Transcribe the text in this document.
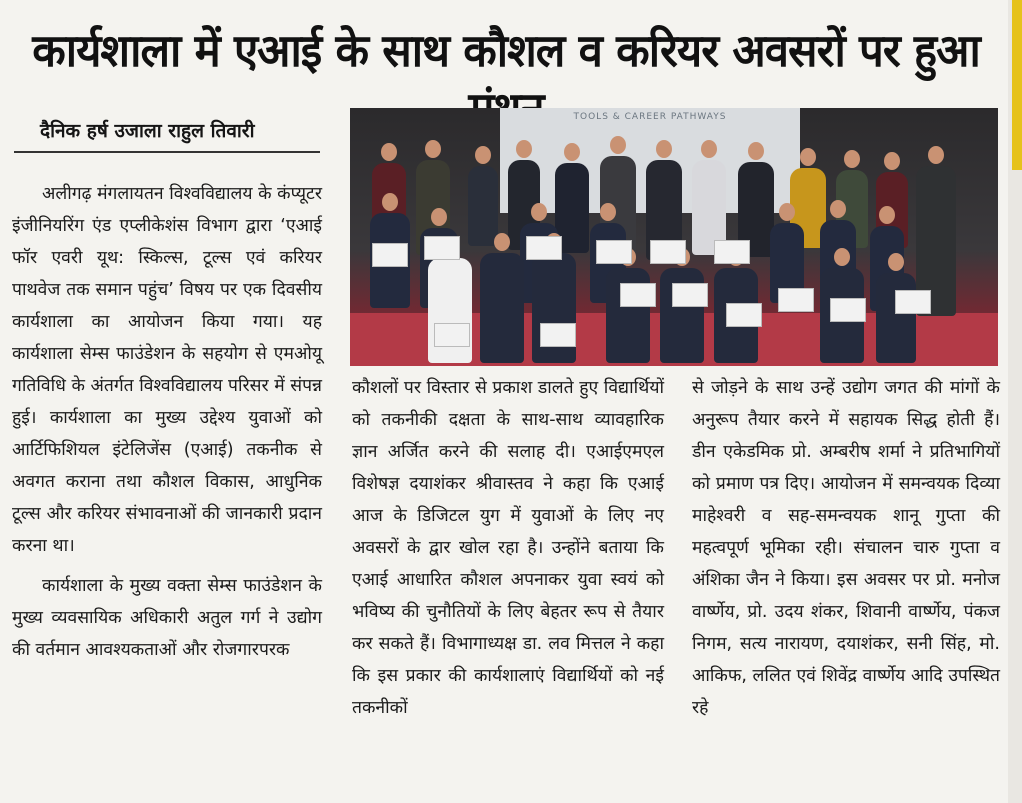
कार्यशाला में एआई के साथ कौशल व करियर अवसरों पर हुआ
दैनिक हर्ष उजाला राहुल तिवारी

अलीगढ़ मंगलायतन विश्वविद्यालय के कंप्यूटर इंजीनियरिंग एंड एप्लीकेशंस विभाग द्वारा ‘एआई फॉर एवरी यूथ: स्किल्स, टूल्स एवं करियर पाथवेज तक समान पहुंच’ विषय पर एक दिवसीय कार्यशाला का आयोजन किया गया। यह कार्यशाला सेम्स फाउंडेशन के सहयोग से एमओयू गतिविधि के अंतर्गत विश्वविद्यालय परिसर में संपन्न हुई। कार्यशाला का मुख्य उद्देश्य युवाओं को आर्टिफिशियल इंटेलिजेंस (एआई) तकनीक से अवगत कराना तथा कौशल विकास, आधुनिक टूल्स और करियर संभावनाओं की जानकारी प्रदान करना था।

कार्यशाला के मुख्य वक्ता सेम्स फाउंडेशन के मुख्य व्यवसायिक अधिकारी अतुल गर्ग ने उद्योग की वर्तमान आवश्यकताओं और रोजगारपरक

TOOLS & CAREER PATHWAYS

कौशलों पर विस्तार से प्रकाश डालते हुए विद्यार्थियों को तकनीकी दक्षता के साथ-साथ व्यावहारिक ज्ञान अर्जित करने की सलाह दी। एआईएमएल विशेषज्ञ दयाशंकर श्रीवास्तव ने कहा कि एआई आज के डिजिटल युग में युवाओं के लिए नए अवसरों के द्वार खोल रहा है। उन्होंने बताया कि एआई आधारित कौशल अपनाकर युवा स्वयं को भविष्य की चुनौतियों के लिए बेहतर रूप से तैयार कर सकते हैं। विभागाध्यक्ष डा. लव मित्तल ने कहा कि इस प्रकार की कार्यशालाएं विद्यार्थियों को नई तकनीकों

से जोड़ने के साथ उन्हें उद्योग जगत की मांगों के अनुरूप तैयार करने में सहायक सिद्ध होती हैं। डीन एकेडमिक प्रो. अम्बरीष शर्मा ने प्रतिभागियों को प्रमाण पत्र दिए। आयोजन में समन्वयक दिव्या माहेश्वरी व सह-समन्वयक शानू गुप्ता की महत्वपूर्ण भूमिका रही। संचालन चारु गुप्ता व अंशिका जैन ने किया। इस अवसर पर प्रो. मनोज वार्ष्णेय, प्रो. उदय शंकर, शिवानी वार्ष्णेय, पंकज निगम, सत्य नारायण, दयाशंकर, सनी सिंह, मो. आकिफ, ललित एवं शिवेंद्र वार्ष्णेय आदि उपस्थित रहे
